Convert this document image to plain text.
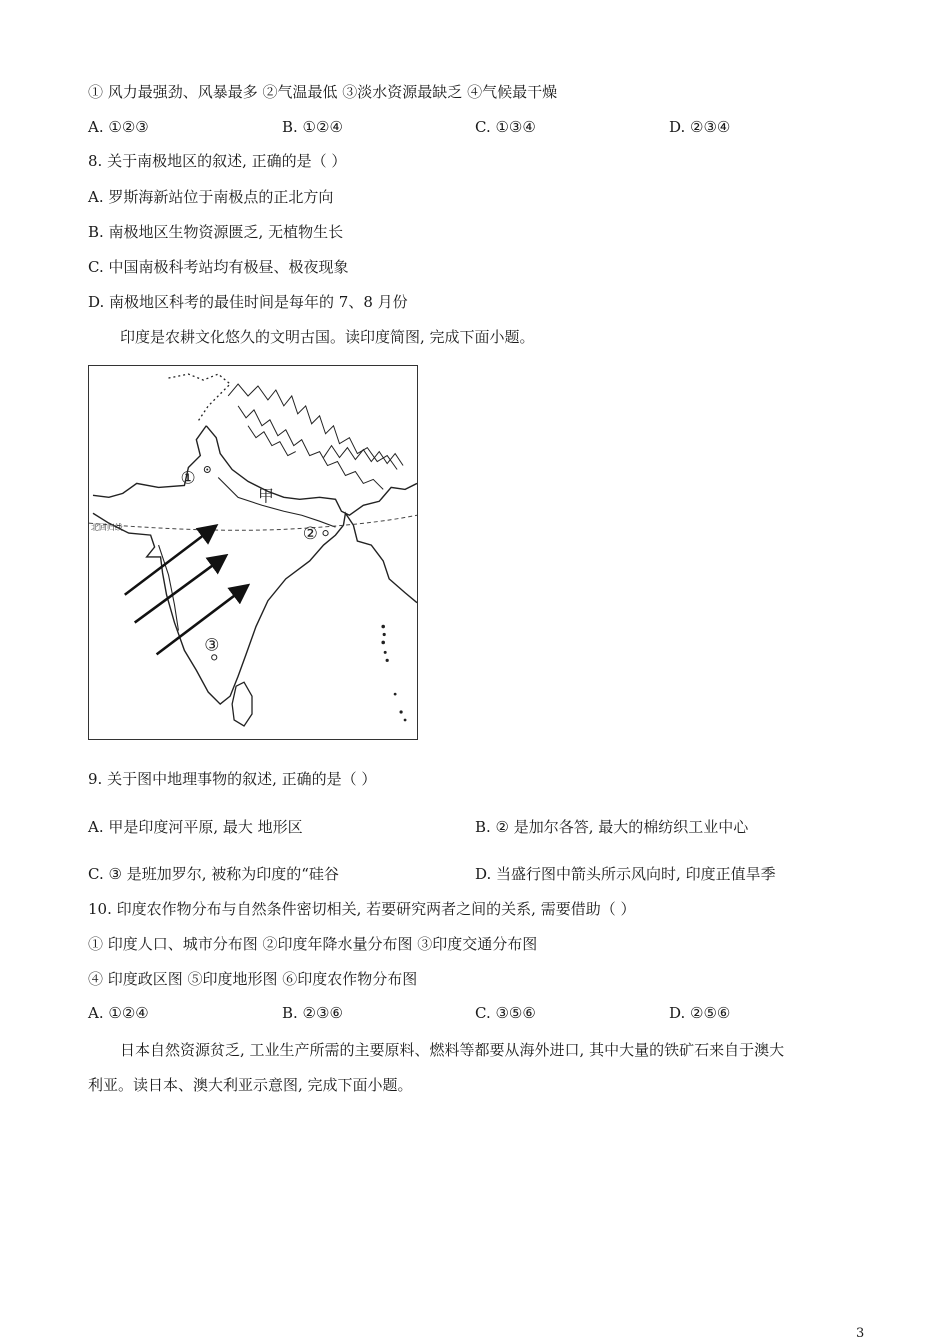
① 风力最强劲、风暴最多 ②气温最低 ③淡水资源最缺乏 ④气候最干燥
A. ①②③	B. ①②④	C. ①③④	D. ②③④
8. 关于南极地区的叙述, 正确的是（ ）
A. 罗斯海新站位于南极点的正北方向
B. 南极地区生物资源匮乏, 无植物生长
C. 中国南极科考站均有极昼、极夜现象
D. 南极地区科考的最佳时间是每年的 7、8 月份
印度是农耕文化悠久的文明古国。读印度简图, 完成下面小题。
北回归线
①
甲
②
③
9. 关于图中地理事物的叙述, 正确的是（ ）
A. 甲是印度河平原, 最大 地形区	B. ② 是加尔各答, 最大的棉纺织工业中心
C. ③ 是班加罗尔, 被称为印度的“硅谷	D. 当盛行图中箭头所示风向时, 印度正值旱季
10. 印度农作物分布与自然条件密切相关, 若要研究两者之间的关系, 需要借助（ ）
① 印度人口、城市分布图 ②印度年降水量分布图 ③印度交通分布图
④ 印度政区图 ⑤印度地形图 ⑥印度农作物分布图
A. ①②④	B. ②③⑥	C. ③⑤⑥	D. ②⑤⑥
日本自然资源贫乏, 工业生产所需的主要原料、燃料等都要从海外进口, 其中大量的铁矿石来自于澳大
利亚。读日本、澳大利亚示意图, 完成下面小题。
3
